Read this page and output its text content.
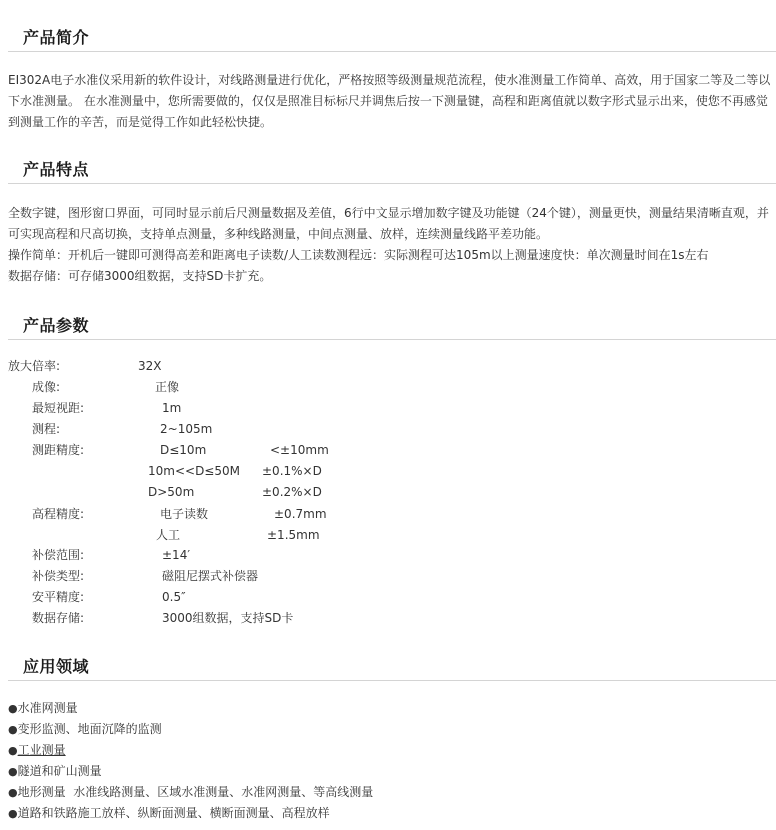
产品简介

EI302A电子水准仪采用新的软件设计，对线路测量进行优化，严格按照等级测量规范流程，使水准测量工作简单、高效，用于国家二等及二等以下水准测量。 在水准测量中，您所需要做的，仅仅是照准目标标尺并调焦后按一下测量键，高程和距离值就以数字形式显示出来，使您不再感觉到测量工作的辛苦，而是觉得工作如此轻松快捷。

产品特点

全数字键，图形窗口界面，可同时显示前后尺测量数据及差值，6行中文显示增加数字键及功能键（24个键），测量更快，测量结果清晰直观，并可实现高程和尺高切换，支持单点测量，多种线路测量，中间点测量、放样，连续测量线路平差功能。

操作简单：开机后一键即可测得高差和距离电子读数/人工读数测程远：实际测程可达105m以上测量速度快：单次测量时间在1s左右

数据存储：可存储3000组数据，支持SD卡扩充。

产品参数
放大倍率:	32X
成像:	正像
最短视距:	1m
测程:	2~105m
测距精度:	D≤10m	<±10mm
10m<<D≤50M ±0.1%×D
D>50m	±0.2%×D
高程精度:	电子读数	±0.7mm
人工	±1.5mm
补偿范围:	±14′
补偿类型:	磁阻尼摆式补偿器
安平精度:	0.5″
数据存储:	3000组数据，支持SD卡
应用领域
●水准网测量
●变形监测、地面沉降的监测
●工业测量
●隧道和矿山测量
●地形测量  水准线路测量、区域水准测量、水准网测量、等高线测量
●道路和铁路施工放样、纵断面测量、横断面测量、高程放样
